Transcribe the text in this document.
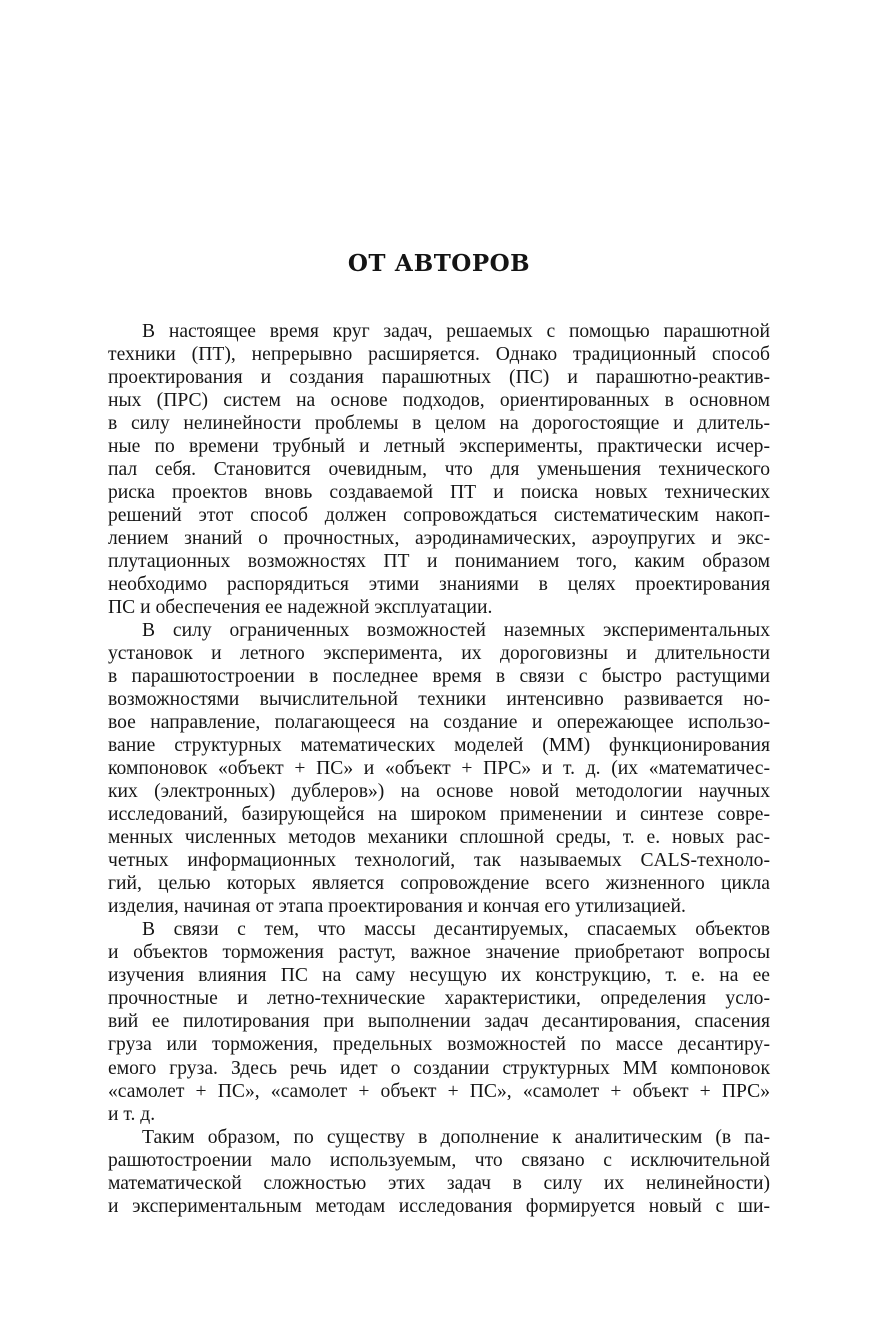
ОТ АВТОРОВ
В настоящее время круг задач, решаемых с помощью парашютной
техники (ПТ), непрерывно расширяется. Однако традиционный способ
проектирования и создания парашютных (ПС) и парашютно-реактив-
ных (ПРС) систем на основе подходов, ориентированных в основном
в силу нелинейности проблемы в целом на дорогостоящие и длитель-
ные по времени трубный и летный эксперименты, практически исчер-
пал себя. Становится очевидным, что для уменьшения технического
риска проектов вновь создаваемой ПТ и поиска новых технических
решений этот способ должен сопровождаться систематическим накоп-
лением знаний о прочностных, аэродинамических, аэроупругих и экс-
плутационных возможностях ПТ и пониманием того, каким образом
необходимо распорядиться этими знаниями в целях проектирования
ПС и обеспечения ее надежной эксплуатации.
В силу ограниченных возможностей наземных экспериментальных
установок и летного эксперимента, их дороговизны и длительности
в парашютостроении в последнее время в связи с быстро растущими
возможностями вычислительной техники интенсивно развивается но-
вое направление, полагающееся на создание и опережающее использо-
вание структурных математических моделей (ММ) функционирования
компоновок «объект + ПС» и «объект + ПРС» и т. д. (их «математичес-
ких (электронных) дублеров») на основе новой методологии научных
исследований, базирующейся на широком применении и синтезе совре-
менных численных методов механики сплошной среды, т. е. новых рас-
четных информационных технологий, так называемых CALS-техноло-
гий, целью которых является сопровождение всего жизненного цикла
изделия, начиная от этапа проектирования и кончая его утилизацией.
В связи с тем, что массы десантируемых, спасаемых объектов
и объектов торможения растут, важное значение приобретают вопросы
изучения влияния ПС на саму несущую их конструкцию, т. е. на ее
прочностные и летно-технические характеристики, определения усло-
вий ее пилотирования при выполнении задач десантирования, спасения
груза или торможения, предельных возможностей по массе десантиру-
емого груза. Здесь речь идет о создании структурных ММ компоновок
«самолет + ПС», «самолет + объект + ПС», «самолет + объект + ПРС»
и т. д.
Таким образом, по существу в дополнение к аналитическим (в па-
рашютостроении мало используемым, что связано с исключительной
математической сложностью этих задач в силу их нелинейности)
и экспериментальным методам исследования формируется новый с ши-
